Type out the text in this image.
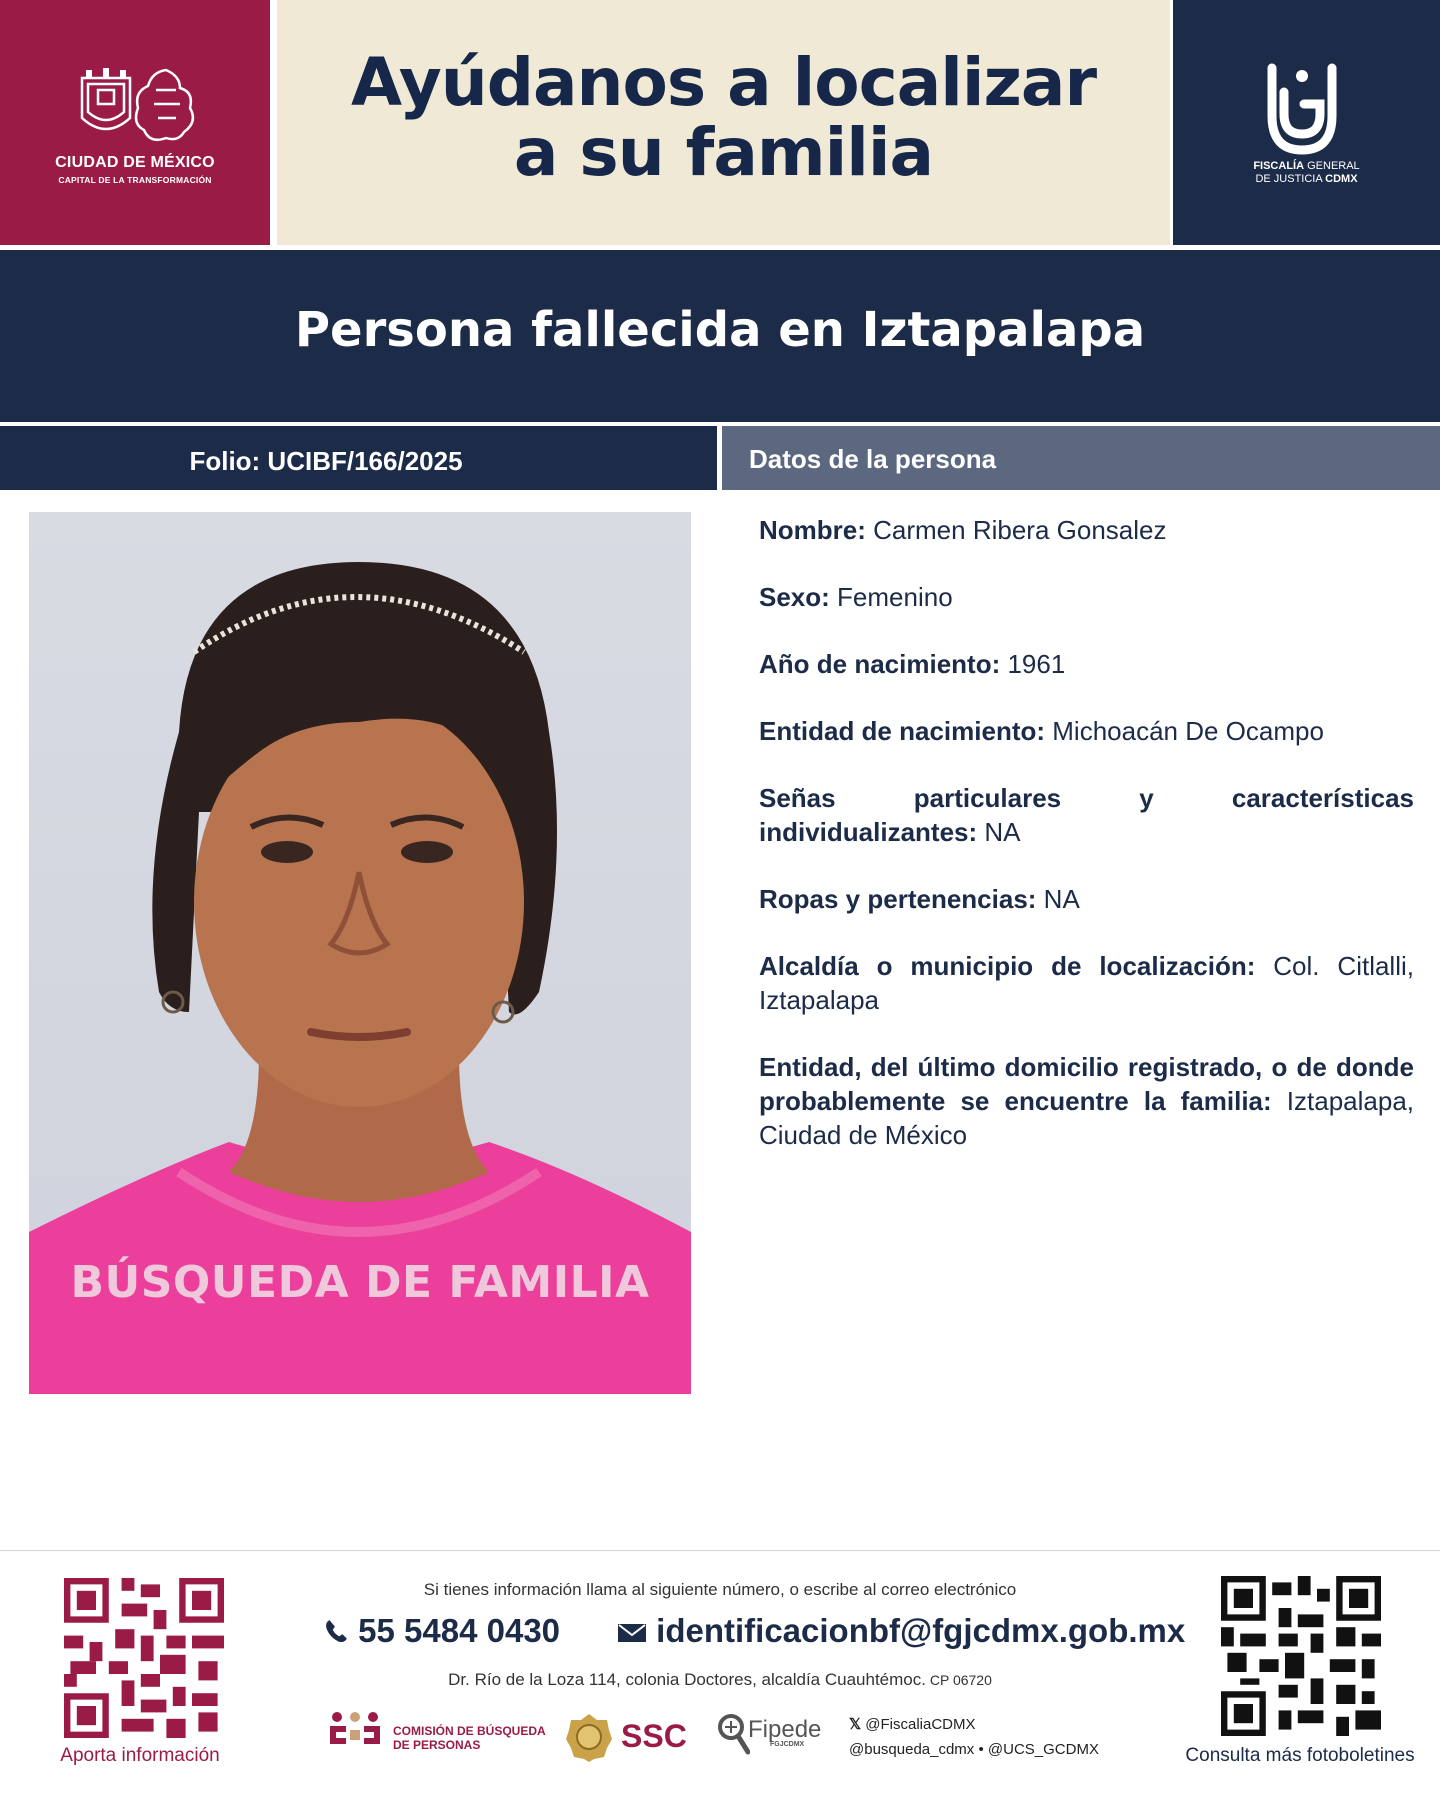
CIUDAD DE MÉXICO
CAPITAL DE LA TRANSFORMACIÓN
Ayúdanos a localizar
a su familia	FISCALÍA GENERAL
DE JUSTICIA CDMX
Persona fallecida en Iztapalapa
Folio: UCIBF/166/2025	Datos de la persona
BÚSQUEDA DE FAMILIA

Nombre: Carmen Ribera Gonsalez

Sexo: Femenino

Año de nacimiento: 1961

Entidad de nacimiento: Michoacán De Ocampo

Señas particulares y características individualizantes: NA

Ropas y pertenencias: NA

Alcaldía o municipio de localización: Col. Citlalli, Iztapalapa

Entidad, del último domicilio registrado, o de donde probablemente se encuentre la familia: Iztapalapa, Ciudad de México

Aporta información	Consulta más fotoboletines
Si tienes información llama al siguiente número, o escribe al correo electrónico
55 5484 0430	identificacionbf@fgjcdmx.gob.mx
Dr. Río de la Loza 114, colonia Doctores, alcaldía Cuauhtémoc. CP 06720
COMISIÓN DE BÚSQUEDA
DE PERSONAS	SSC	Fipede
FGJCDMX
𝕏 @FiscaliaCDMX
@busqueda_cdmx • @UCS_GCDMX
